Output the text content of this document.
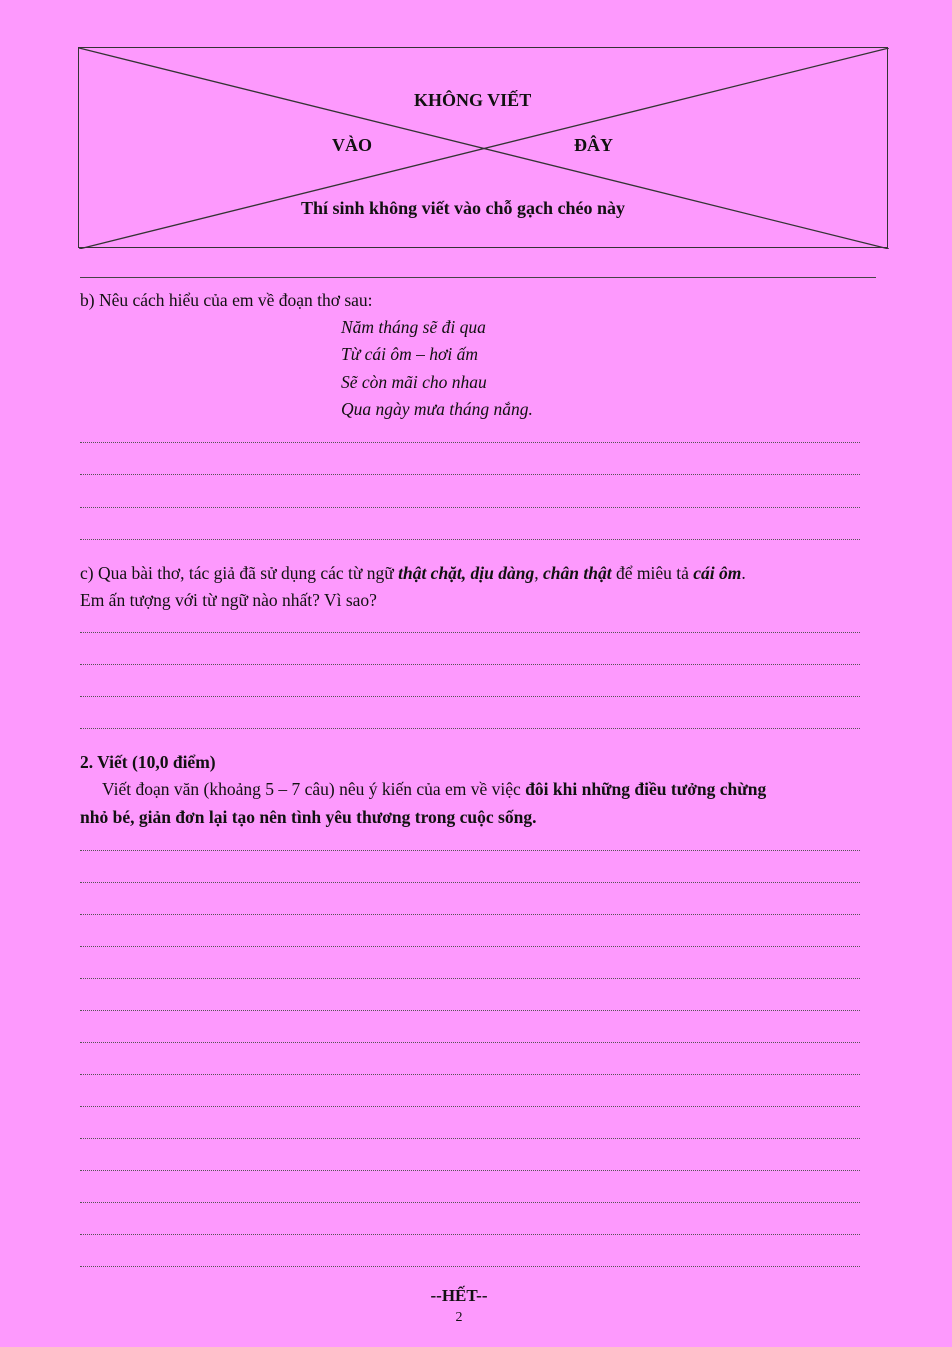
KHÔNG VIẾT
VÀO	ĐÂY
Thí sinh không viết vào chỗ gạch chéo này
b) Nêu cách hiểu của em về đoạn thơ sau:
Năm tháng sẽ đi qua
Từ cái ôm – hơi ấm
Sẽ còn mãi cho nhau
Qua ngày mưa tháng nắng.
c) Qua bài thơ, tác giả đã sử dụng các từ ngữ thật chặt, dịu dàng, chân thật để miêu tả cái ôm.
Em ấn tượng với từ ngữ nào nhất? Vì sao?
2. Viết (10,0 điểm)
Viết đoạn văn (khoảng 5 – 7 câu) nêu ý kiến của em về việc đôi khi những điều tưởng chừng
nhỏ bé, giản đơn lại tạo nên tình yêu thương trong cuộc sống.
--HẾT--
2
